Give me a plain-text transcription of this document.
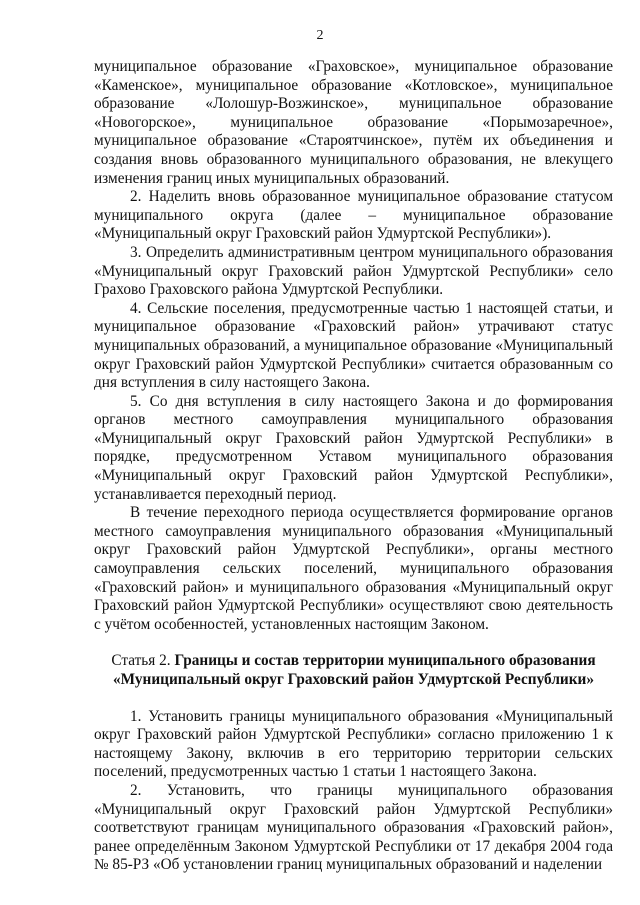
2

муниципальное образование «Граховское», муниципальное образование «Каменское», муниципальное образование «Котловское», муниципальное образование «Лолошур-Возжинское», муниципальное образование «Новогорское», муниципальное образование «Порымозаречное», муниципальное образование «Староятчинское», путём их объединения и создания вновь образованного муниципального образования, не влекущего изменения границ иных муниципальных образований.

2. Наделить вновь образованное муниципальное образование статусом муниципального округа (далее – муниципальное образование «Муниципальный округ Граховский район Удмуртской Республики»).

3. Определить административным центром муниципального образования «Муниципальный округ Граховский район Удмуртской Республики» село Грахово Граховского района Удмуртской Республики.

4. Сельские поселения, предусмотренные частью 1 настоящей статьи, и муниципальное образование «Граховский район» утрачивают статус муниципальных образований, а муниципальное образование «Муниципальный округ Граховский район Удмуртской Республики» считается образованным со дня вступления в силу настоящего Закона.

5. Со дня вступления в силу настоящего Закона и до формирования органов местного самоуправления муниципального образования «Муниципальный округ Граховский район Удмуртской Республики» в порядке, предусмотренном Уставом муниципального образования «Муниципальный округ Граховский район Удмуртской Республики», устанавливается переходный период.

В течение переходного периода осуществляется формирование органов местного самоуправления муниципального образования «Муниципальный округ Граховский район Удмуртской Республики», органы местного самоуправления сельских поселений, муниципального образования «Граховский район» и муниципального образования «Муниципальный округ Граховский район Удмуртской Республики» осуществляют свою деятельность с учётом особенностей, установленных настоящим Законом.

Статья 2. Границы и состав территории муниципального образования «Муниципальный округ Граховский район Удмуртской Республики»

1. Установить границы муниципального образования «Муниципальный округ Граховский район Удмуртской Республики» согласно приложению 1 к настоящему Закону, включив в его территорию территории сельских поселений, предусмотренных частью 1 статьи 1 настоящего Закона.

2. Установить, что границы муниципального образования «Муниципальный округ Граховский район Удмуртской Республики» соответствуют границам муниципального образования «Граховский район», ранее определённым Законом Удмуртской Республики от 17 декабря 2004 года № 85-РЗ «Об установлении границ муниципальных образований и наделении
